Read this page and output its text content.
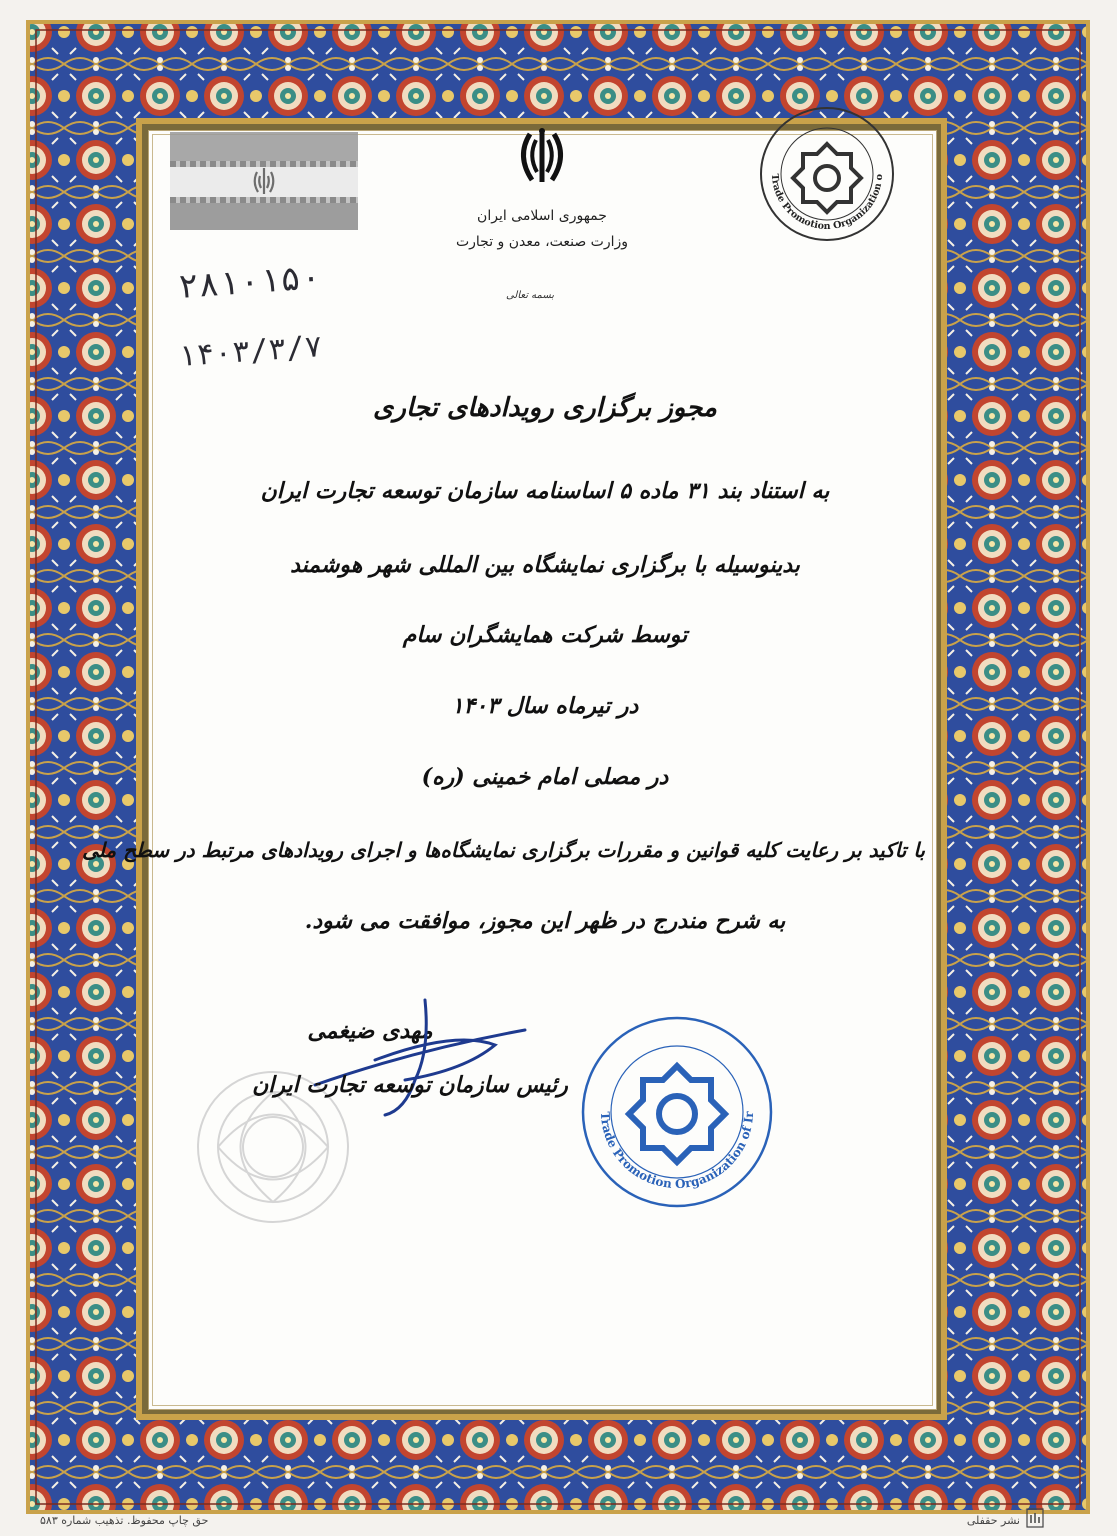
جمهوری اسلامی ایران
وزارت صنعت، معدن و تجارت
بسمه تعالی
۲۸۱۰۱۵۰
۱۴۰۳/۳/۷
Trade Promotion Organization o
مجوز برگزاری رویدادهای تجاری
به استناد بند ۳۱ ماده ۵ اساسنامه سازمان توسعه تجارت ایران
بدینوسیله با برگزاری نمایشگاه بین المللی شهر هوشمند
توسط شرکت همایشگران سام
در تیرماه سال ۱۴۰۳
در مصلی امام خمینی (ره)
با تاکید بر رعایت کلیه قوانین و مقررات برگزاری نمایشگاه‌ها و اجرای رویدادهای مرتبط در سطح ملی
به شرح مندرج در ظهر این مجوز، موافقت می شود.
مهدی ضیغمی
رئیس سازمان توسعه تجارت ایران
Trade Promotion Organization of Ir
حق چاپ محفوظ. تذهیب شماره ۵۸۳	نشر حقفلی
